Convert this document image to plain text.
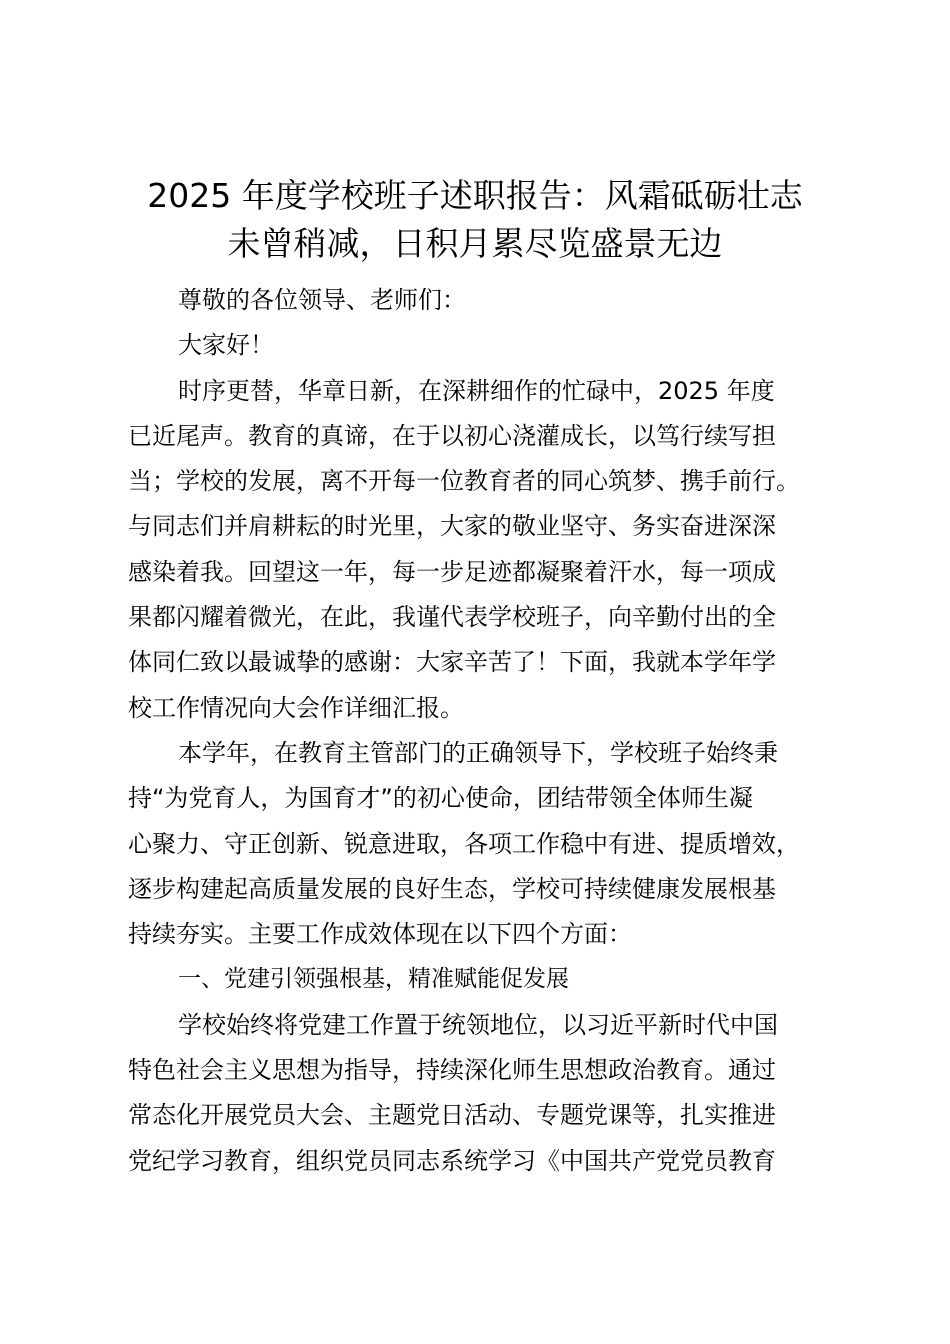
2025 年度学校班子述职报告：风霜砥砺壮志
未曾稍减，日积月累尽览盛景无边
尊敬的各位领导、老师们：
大家好！
时序更替，华章日新，在深耕细作的忙碌中，2025 年度
已近尾声。教育的真谛，在于以初心浇灌成长，以笃行续写担
当；学校的发展，离不开每一位教育者的同心筑梦、携手前行。
与同志们并肩耕耘的时光里，大家的敬业坚守、务实奋进深深
感染着我。回望这一年，每一步足迹都凝聚着汗水，每一项成
果都闪耀着微光，在此，我谨代表学校班子，向辛勤付出的全
体同仁致以最诚挚的感谢：大家辛苦了！下面，我就本学年学
校工作情况向大会作详细汇报。
本学年，在教育主管部门的正确领导下，学校班子始终秉
持“为党育人，为国育才”的初心使命，团结带领全体师生凝
心聚力、守正创新、锐意进取，各项工作稳中有进、提质增效，
逐步构建起高质量发展的良好生态，学校可持续健康发展根基
持续夯实。主要工作成效体现在以下四个方面：
一、党建引领强根基，精准赋能促发展
学校始终将党建工作置于统领地位，以习近平新时代中国
特色社会主义思想为指导，持续深化师生思想政治教育。通过
常态化开展党员大会、主题党日活动、专题党课等，扎实推进
党纪学习教育，组织党员同志系统学习《中国共产党党员教育
